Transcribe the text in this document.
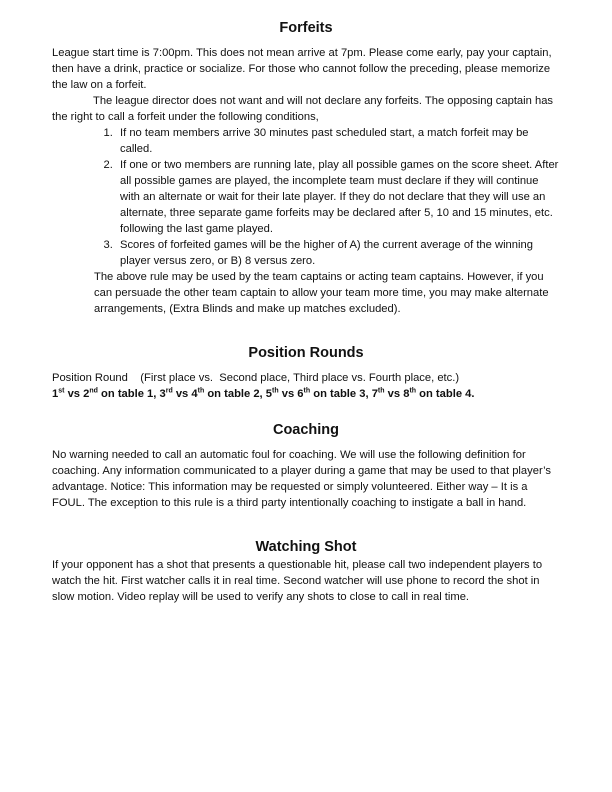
Forfeits

League start time is 7:00pm. This does not mean arrive at 7pm. Please come early, pay your captain, then have a drink, practice or socialize. For those who cannot follow the preceding, please memorize the law on a forfeit.

The league director does not want and will not declare any forfeits. The opposing captain has the right to call a forfeit under the following conditions,

1. If no team members arrive 30 minutes past scheduled start, a match forfeit may be called.
2. If one or two members are running late, play all possible games on the score sheet. After all possible games are played, the incomplete team must declare if they will continue with an alternate or wait for their late player. If they do not declare that they will use an alternate, three separate game forfeits may be declared after 5, 10 and 15 minutes, etc. following the last game played.
3. Scores of forfeited games will be the higher of A) the current average of the winning player versus zero, or B) 8 versus zero.

The above rule may be used by the team captains or acting team captains. However, if you can persuade the other team captain to allow your team more time, you may make alternate arrangements, (Extra Blinds and make up matches excluded).

Position Rounds

Position Round    (First place vs.  Second place, Third place vs. Fourth place, etc.)

1st vs 2nd on table 1, 3rd vs 4th on table 2, 5th vs 6th on table 3, 7th vs 8th on table 4.

Coaching

No warning needed to call an automatic foul for coaching. We will use the following definition for coaching. Any information communicated to a player during a game that may be used to that player’s advantage. Notice: This information may be requested or simply volunteered. Either way – It is a FOUL. The exception to this rule is a third party intentionally coaching to instigate a ball in hand.

Watching Shot

If your opponent has a shot that presents a questionable hit, please call two independent players to watch the hit. First watcher calls it in real time. Second watcher will use phone to record the shot in slow motion. Video replay will be used to verify any shots to close to call in real time.
